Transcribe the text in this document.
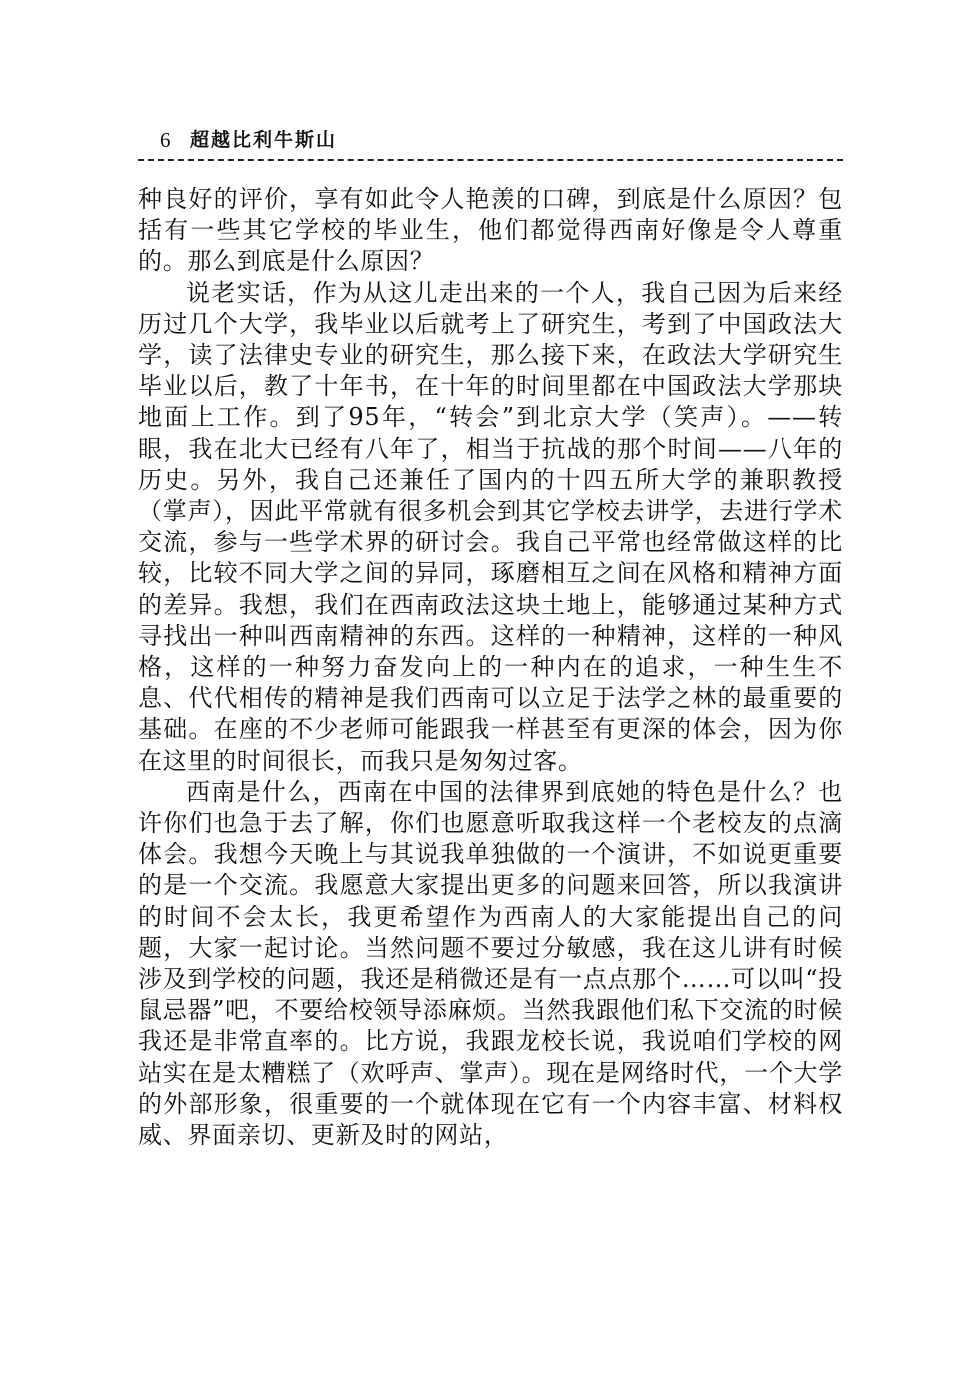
6 超越比利牛斯山

种良好的评价，享有如此令人艳羡的口碑，到底是什么原因？包括有一些其它学校的毕业生，他们都觉得西南好像是令人尊重的。那么到底是什么原因？

说老实话，作为从这儿走出来的一个人，我自己因为后来经历过几个大学，我毕业以后就考上了研究生，考到了中国政法大学，读了法律史专业的研究生，那么接下来，在政法大学研究生毕业以后，教了十年书，在十年的时间里都在中国政法大学那块地面上工作。到了95年，“转会”到北京大学（笑声）。——转眼，我在北大已经有八年了，相当于抗战的那个时间——八年的历史。另外，我自己还兼任了国内的十四五所大学的兼职教授（掌声），因此平常就有很多机会到其它学校去讲学，去进行学术交流，参与一些学术界的研讨会。我自己平常也经常做这样的比较，比较不同大学之间的异同，琢磨相互之间在风格和精神方面的差异。我想，我们在西南政法这块土地上，能够通过某种方式寻找出一种叫西南精神的东西。这样的一种精神，这样的一种风格，这样的一种努力奋发向上的一种内在的追求，一种生生不息、代代相传的精神是我们西南可以立足于法学之林的最重要的基础。在座的不少老师可能跟我一样甚至有更深的体会，因为你在这里的时间很长，而我只是匆匆过客。

西南是什么，西南在中国的法律界到底她的特色是什么？也许你们也急于去了解，你们也愿意听取我这样一个老校友的点滴体会。我想今天晚上与其说我单独做的一个演讲，不如说更重要的是一个交流。我愿意大家提出更多的问题来回答，所以我演讲的时间不会太长，我更希望作为西南人的大家能提出自己的问题，大家一起讨论。当然问题不要过分敏感，我在这儿讲有时候涉及到学校的问题，我还是稍微还是有一点点那个……可以叫“投鼠忌器”吧，不要给校领导添麻烦。当然我跟他们私下交流的时候我还是非常直率的。比方说，我跟龙校长说，我说咱们学校的网站实在是太糟糕了（欢呼声、掌声）。现在是网络时代，一个大学的外部形象，很重要的一个就体现在它有一个内容丰富、材料权威、界面亲切、更新及时的网站，
